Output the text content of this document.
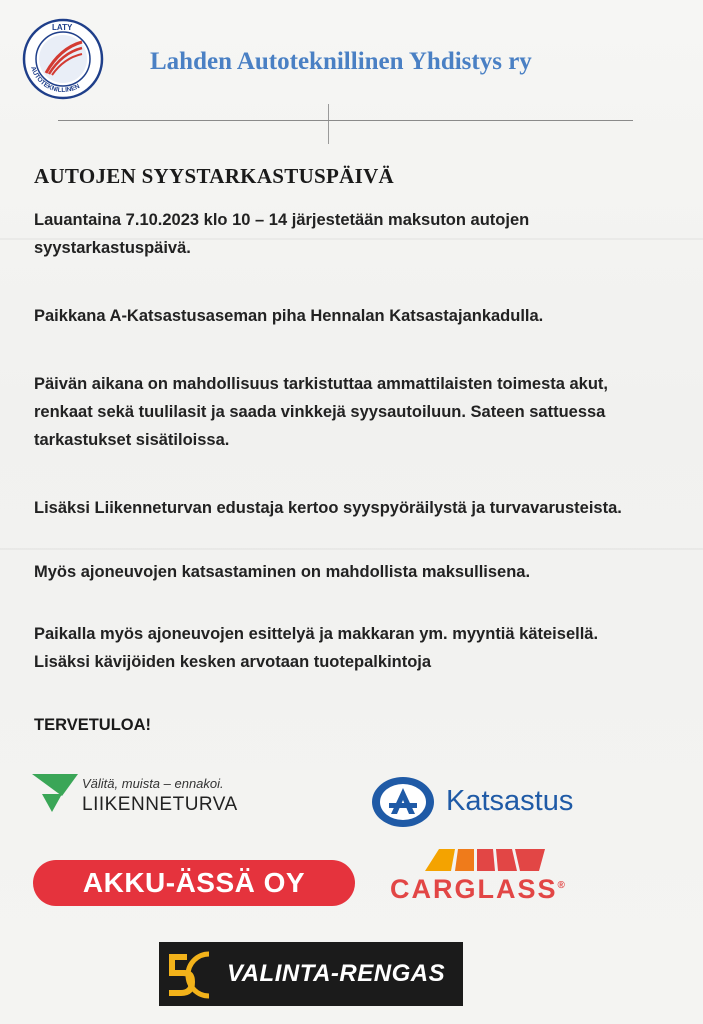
LATY
AUTOTEKNILLINEN
Lahden Autoteknillinen Yhdistys ry
AUTOJEN SYYSTARKASTUSPÄIVÄ
Lauantaina 7.10.2023 klo 10 – 14 järjestetään maksuton autojen
syystarkastuspäivä.
Paikkana A-Katsastusaseman piha Hennalan Katsastajankadulla.
Päivän aikana on mahdollisuus tarkistuttaa ammattilaisten toimesta akut,
renkaat sekä tuulilasit ja saada vinkkejä syysautoiluun. Sateen sattuessa
tarkastukset sisätiloissa.
Lisäksi Liikenneturvan edustaja kertoo syyspyöräilystä ja turvavarusteista.
Myös ajoneuvojen katsastaminen on mahdollista maksullisena.
Paikalla myös ajoneuvojen esittelyä ja makkaran ym. myyntiä käteisellä.
Lisäksi kävijöiden kesken arvotaan tuotepalkintoja
TERVETULOA!
Välitä, muista – ennakoi.
LIIKENNETURVA	Katsastus
AKKU-ÄSSÄ OY	CARGLASS®
VALINTA-RENGAS
